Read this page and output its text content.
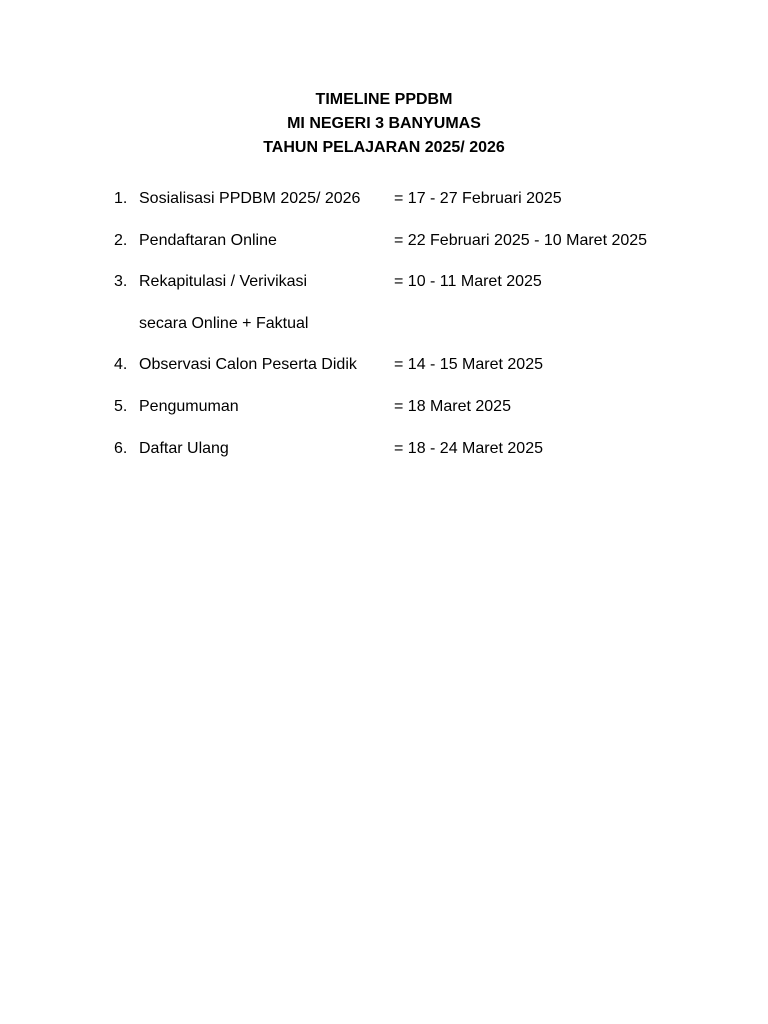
TIMELINE PPDBM
MI NEGERI 3 BANYUMAS
TAHUN PELAJARAN 2025/ 2026
1. Sosialisasi PPDBM 2025/ 2026 = 17 - 27 Februari 2025
2. Pendaftaran Online	= 22 Februari 2025 - 10 Maret 2025
3. Rekapitulasi / Verivikasi	= 10 - 11 Maret 2025
secara Online + Faktual
4. Observasi Calon Peserta Didik = 14 - 15 Maret 2025
5. Pengumuman	= 18 Maret 2025
6. Daftar Ulang	= 18 - 24 Maret 2025
